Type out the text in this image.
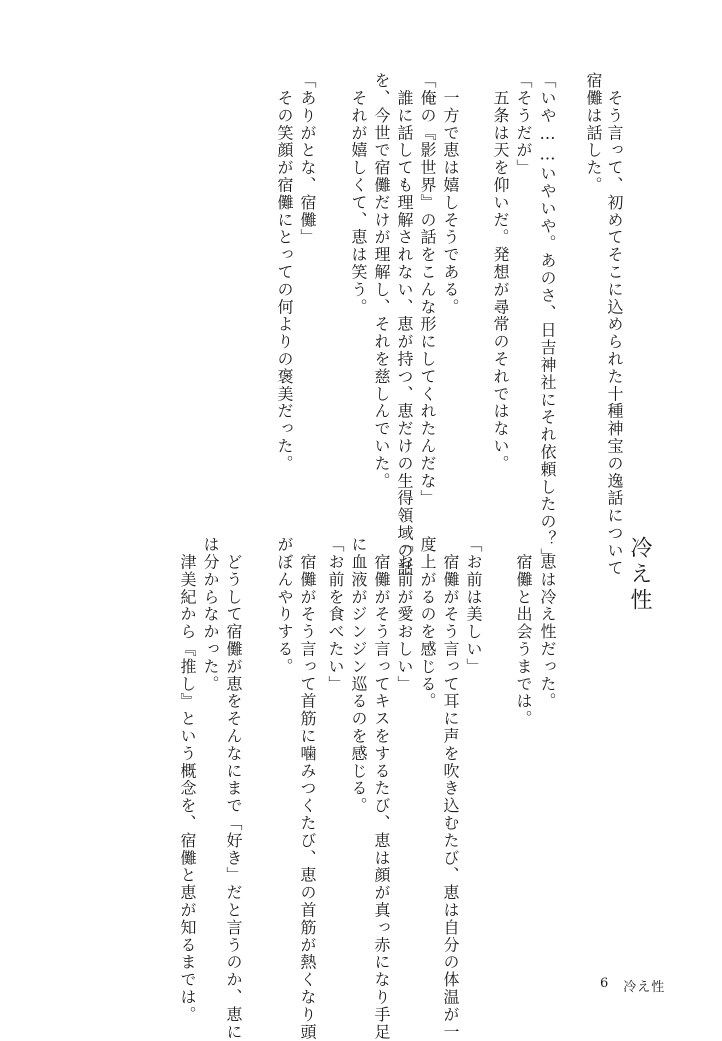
　そう言って、初めてそこに込められた十種神宝の逸話について
宿儺は話した。
「いや……いやいや。あのさ、日吉神社にそれ依頼したの？」
「そうだが」
　五条は天を仰いだ。発想が尋常のそれではない。
　一方で恵は嬉しそうである。
「俺の『影世界』の話をこんな形にしてくれたんだな」
　誰に話しても理解されない、恵が持つ、恵だけの生得領域の話
を、今世で宿儺だけが理解し、それを慈しんでいた。
　それが嬉しくて、恵は笑う。
「ありがとな、宿儺」
　その笑顔が宿儺にとっての何よりの褒美だった。
冷え性
　恵は冷え性だった。
　宿儺と出会うまでは。
「お前は美しい」
　宿儺がそう言って耳に声を吹き込むたび、恵は自分の体温が一
度上がるのを感じる。
「お前が愛おしい」
　宿儺がそう言ってキスをするたび、恵は顔が真っ赤になり手足
に血液がジンジン巡るのを感じる。
「お前を食べたい」
　宿儺がそう言って首筋に噛みつくたび、恵の首筋が熱くなり頭
がぼんやりする。
　どうして宿儺が恵をそんなにまで「好き」だと言うのか、恵に
は分からなかった。
　津美紀から『推し』という概念を、宿儺と恵が知るまでは。	6 冷え性
